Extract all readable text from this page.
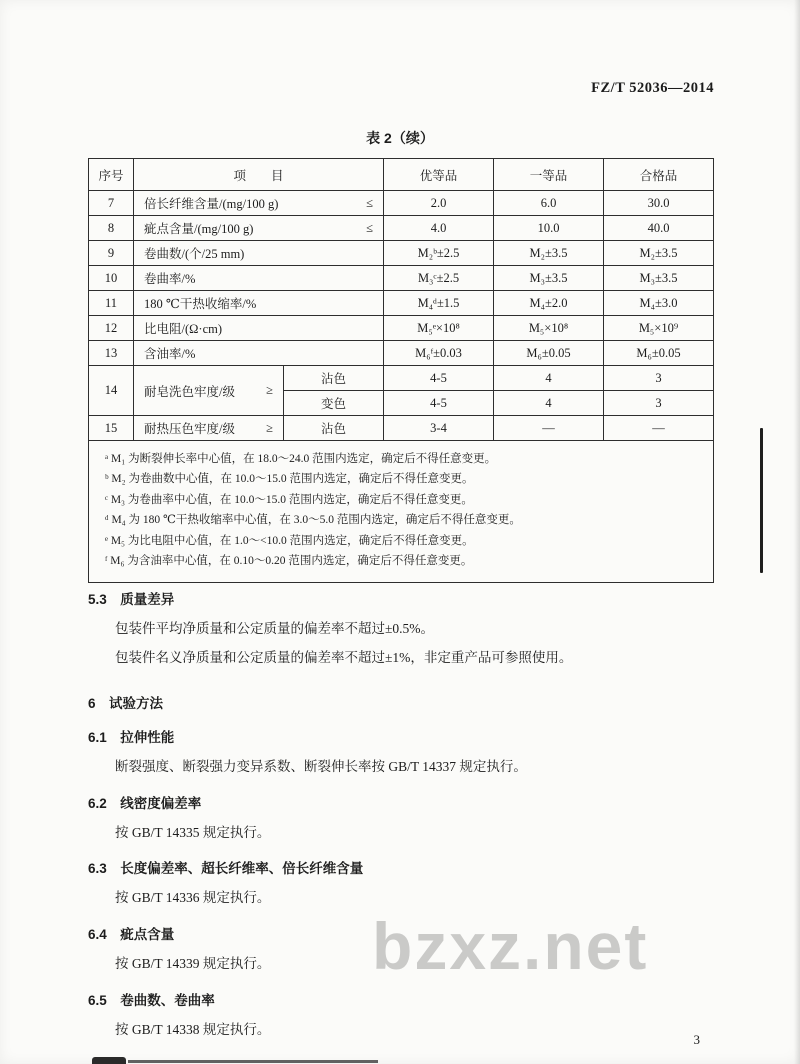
FZ/T 52036—2014
表 2（续）
序号	项　　目		优等品	一等品	合格品
7	倍长纤维含量/(mg/100 g) ≤		2.0	6.0	30.0
8	疵点含量/(mg/100 g) ≤		4.0	10.0	40.0
9	卷曲数/(个/25 mm)		M₂ᵇ±2.5	M₂±3.5	M₂±3.5
10	卷曲率/%		M₃ᶜ±2.5	M₃±3.5	M₃±3.5
11	180 ℃干热收缩率/%		M₄ᵈ±1.5	M₄±2.0	M₄±3.0
12	比电阻/(Ω·cm)		M₅ᵉ×10⁸	M₅×10⁸	M₅×10⁹
13	含油率/%		M₆ᶠ±0.03	M₆±0.05	M₆±0.05
14	耐皂洗色牢度/级 ≥	沾色	4-5	4	3
		变色	4-5	4	3
15	耐热压色牢度/级 ≥	沾色	3-4	—	—

ᵃ M₁ 为断裂伸长率中心值，在 18.0～24.0 范围内选定，确定后不得任意变更。
ᵇ M₂ 为卷曲数中心值，在 10.0～15.0 范围内选定，确定后不得任意变更。
ᶜ M₃ 为卷曲率中心值，在 10.0～15.0 范围内选定，确定后不得任意变更。
ᵈ M₄ 为 180 ℃干热收缩率中心值，在 3.0～5.0 范围内选定，确定后不得任意变更。
ᵉ M₅ 为比电阻中心值，在 1.0～<10.0 范围内选定，确定后不得任意变更。
ᶠ M₆ 为含油率中心值，在 0.10～0.20 范围内选定，确定后不得任意变更。
5.3　质量差异

包装件平均净质量和公定质量的偏差率不超过±0.5%。

包装件名义净质量和公定质量的偏差率不超过±1%，非定重产品可参照使用。

6　试验方法
6.1　拉伸性能

断裂强度、断裂强力变异系数、断裂伸长率按 GB/T 14337 规定执行。

6.2　线密度偏差率

按 GB/T 14335 规定执行。

6.3　长度偏差率、超长纤维率、倍长纤维含量

按 GB/T 14336 规定执行。

6.4　疵点含量

按 GB/T 14339 规定执行。

6.5　卷曲数、卷曲率

按 GB/T 14338 规定执行。

bzxz.net
3
